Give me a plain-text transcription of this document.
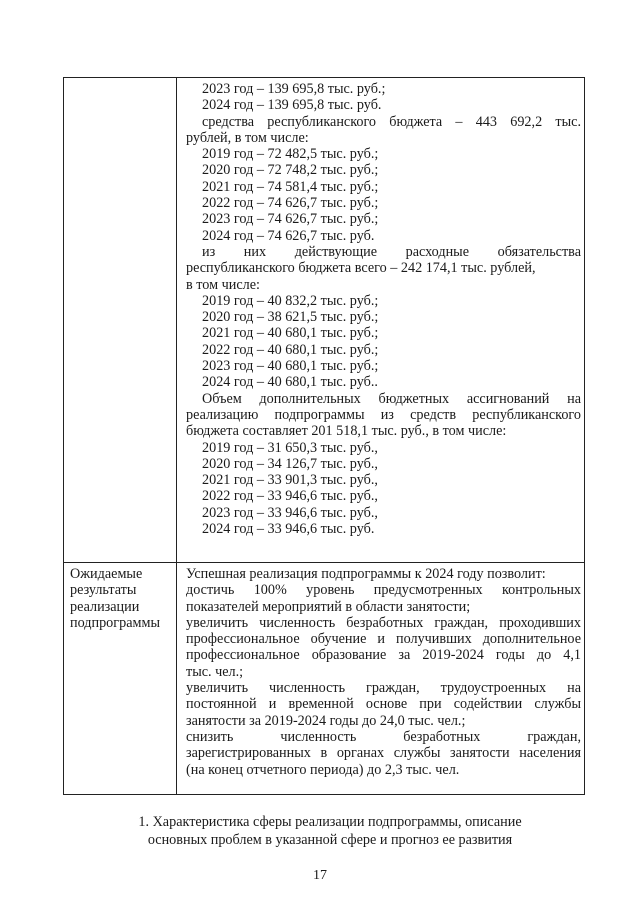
2023 год – 139 695,8 тыс. руб.;
2024 год – 139 695,8 тыс. руб.
средства республиканского бюджета – 443 692,2 тыс.
рублей, в том числе:
2019 год – 72 482,5 тыс. руб.;
2020 год – 72 748,2 тыс. руб.;
2021 год – 74 581,4 тыс. руб.;
2022 год – 74 626,7 тыс. руб.;
2023 год – 74 626,7 тыс. руб.;
2024 год – 74 626,7 тыс. руб.
из них действующие расходные обязательства
республиканского бюджета всего – 242 174,1 тыс. рублей,
в том числе:
2019 год – 40 832,2 тыс. руб.;
2020 год – 38 621,5 тыс. руб.;
2021 год – 40 680,1 тыс. руб.;
2022 год – 40 680,1 тыс. руб.;
2023 год – 40 680,1 тыс. руб.;
2024 год – 40 680,1 тыс. руб..
Объем дополнительных бюджетных ассигнований на
реализацию подпрограммы из средств республиканского
бюджета составляет 201 518,1 тыс. руб., в том числе:
2019 год – 31 650,3 тыс. руб.,
2020 год – 34 126,7 тыс. руб.,
2021 год – 33 901,3 тыс. руб.,
2022 год – 33 946,6 тыс. руб.,
2023 год – 33 946,6 тыс. руб.,
2024 год – 33 946,6 тыс. руб.
Ожидаемые
результаты
реализации
подпрограммы
Успешная реализация подпрограммы к 2024 году позволит:
достичь 100% уровень предусмотренных контрольных
показателей мероприятий в области занятости;
увеличить численность безработных граждан, проходивших
профессиональное обучение и получивших дополнительное
профессиональное образование за 2019-2024 годы до 4,1
тыс. чел.;
увеличить численность граждан, трудоустроенных на
постоянной и временной основе при содействии службы
занятости за 2019-2024 годы до 24,0 тыс. чел.;
снизить численность безработных граждан,
зарегистрированных в органах службы занятости населения
(на конец отчетного периода) до 2,3 тыс. чел.
1. Характеристика сферы реализации подпрограммы, описание
основных проблем в указанной сфере и прогноз ее развития
17
